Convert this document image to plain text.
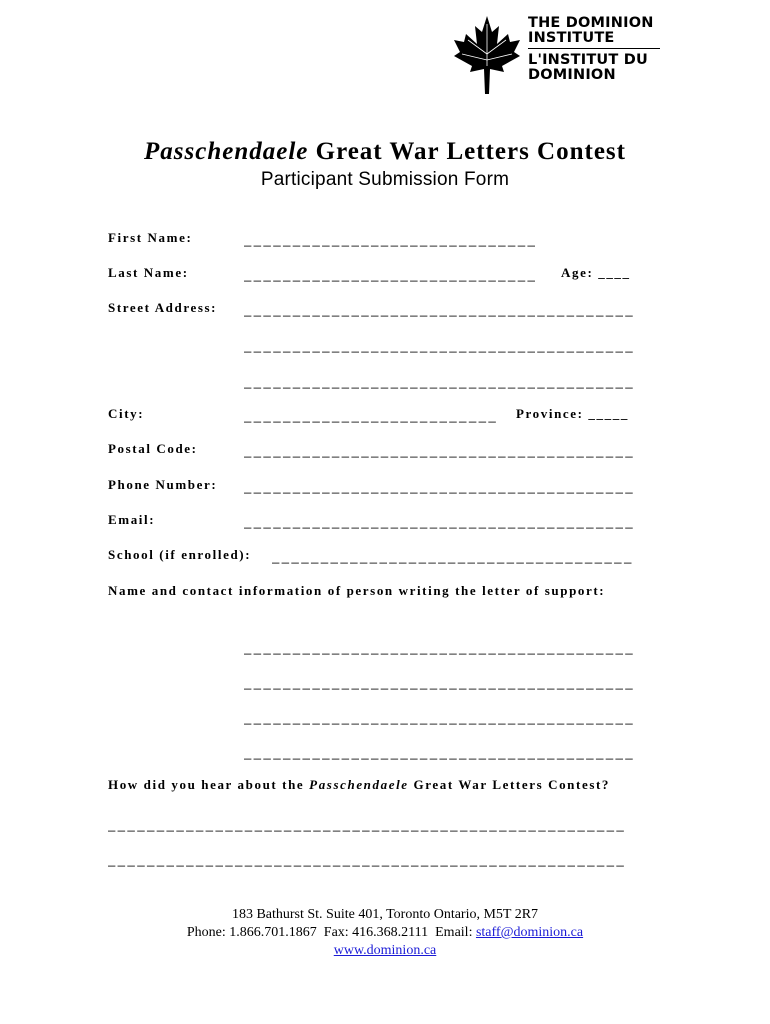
THE DOMINION
INSTITUTE
L'INSTITUT DU
DOMINION
Passchendaele Great War Letters Contest
Participant Submission Form
First Name:	______________________________
Last Name:	______________________________	Age: ____
Street Address: ________________________________________
________________________________________
________________________________________
City:	__________________________	Province: _____
Postal Code:	________________________________________
Phone Number: ________________________________________
Email:	________________________________________
School (if enrolled): _____________________________________
Name and contact information of person writing the letter of support:
________________________________________
________________________________________
________________________________________
________________________________________
How did you hear about the Passchendaele Great War Letters Contest?
_____________________________________________________
_____________________________________________________
183 Bathurst St. Suite 401, Toronto Ontario, M5T 2R7
Phone: 1.866.701.1867  Fax: 416.368.2111  Email: staff@dominion.ca
www.dominion.ca
